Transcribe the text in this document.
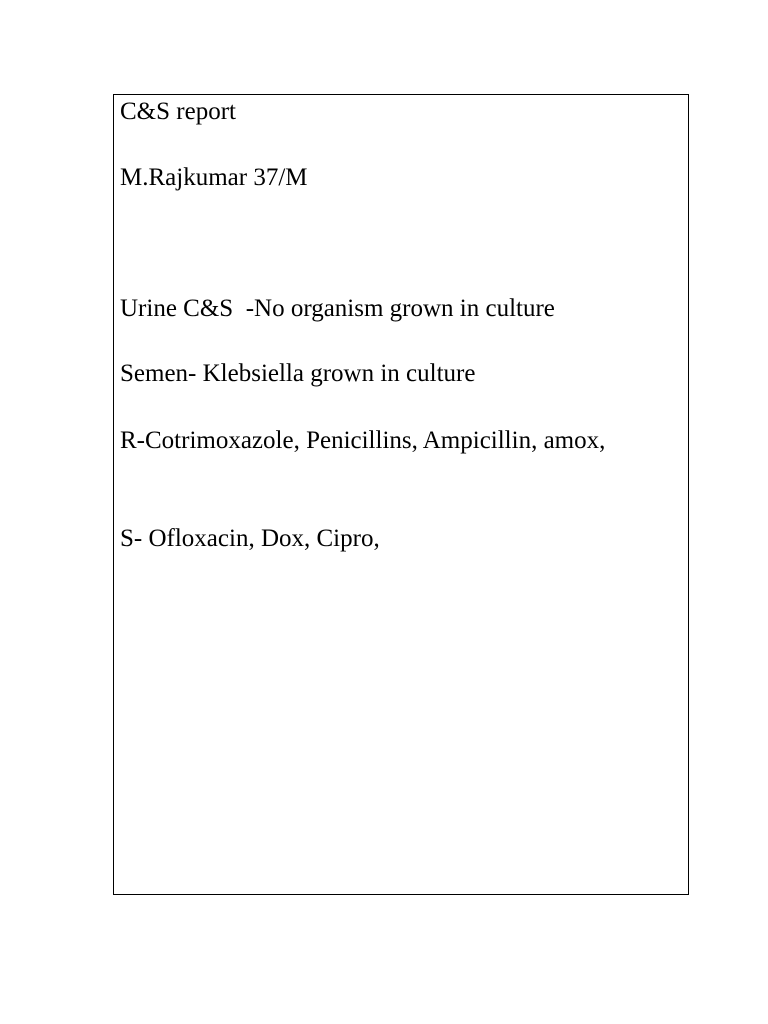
C&S report

M.Rajkumar 37/M

Urine C&S  -No organism grown in culture

Semen- Klebsiella grown in culture

R-Cotrimoxazole, Penicillins, Ampicillin, amox,

S- Ofloxacin, Dox, Cipro,
